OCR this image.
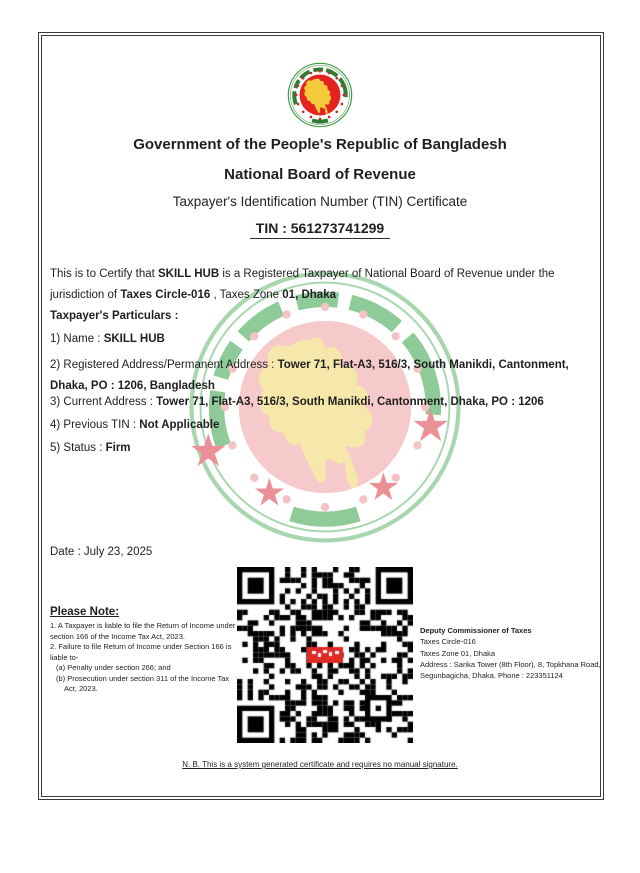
Government of the People's Republic of Bangladesh
National Board of Revenue
Taxpayer's Identification Number (TIN) Certificate
TIN : 561273741299

This is to Certify that SKILL HUB is a Registered Taxpayer of National Board of Revenue under the jurisdiction of Taxes Circle-016 , Taxes Zone 01, Dhaka

Taxpayer's Particulars :
1) Name : SKILL HUB
2) Registered Address/Permanent Address : Tower 71, Flat-A3, 516/3, South Manikdi, Cantonment, Dhaka, PO : 1206, Bangladesh
3) Current Address : Tower 71, Flat-A3, 516/3, South Manikdi, Cantonment, Dhaka, PO : 1206
4) Previous TIN : Not Applicable
5) Status : Firm
Date : July 23, 2025
Please Note:
1. A Taxpayer is liable to file the Return of Income under section 166 of the Income Tax Act, 2023.
2. Failure to file Return of Income under Section 166 is liable to-
(a) Penalty under section 266; and
(b) Prosecution under section 311 of the Income Tax Act, 2023.
Deputy Commissioner of Taxes
Taxes Circle-016
Taxes Zone 01, Dhaka
Address : Sarika Tower (8th Floor), 8, Topkhana Road,
Segunbagicha, Dhaka. Phone : 223351124
N. B. This is a system generated certificate and requires no manual signature.
